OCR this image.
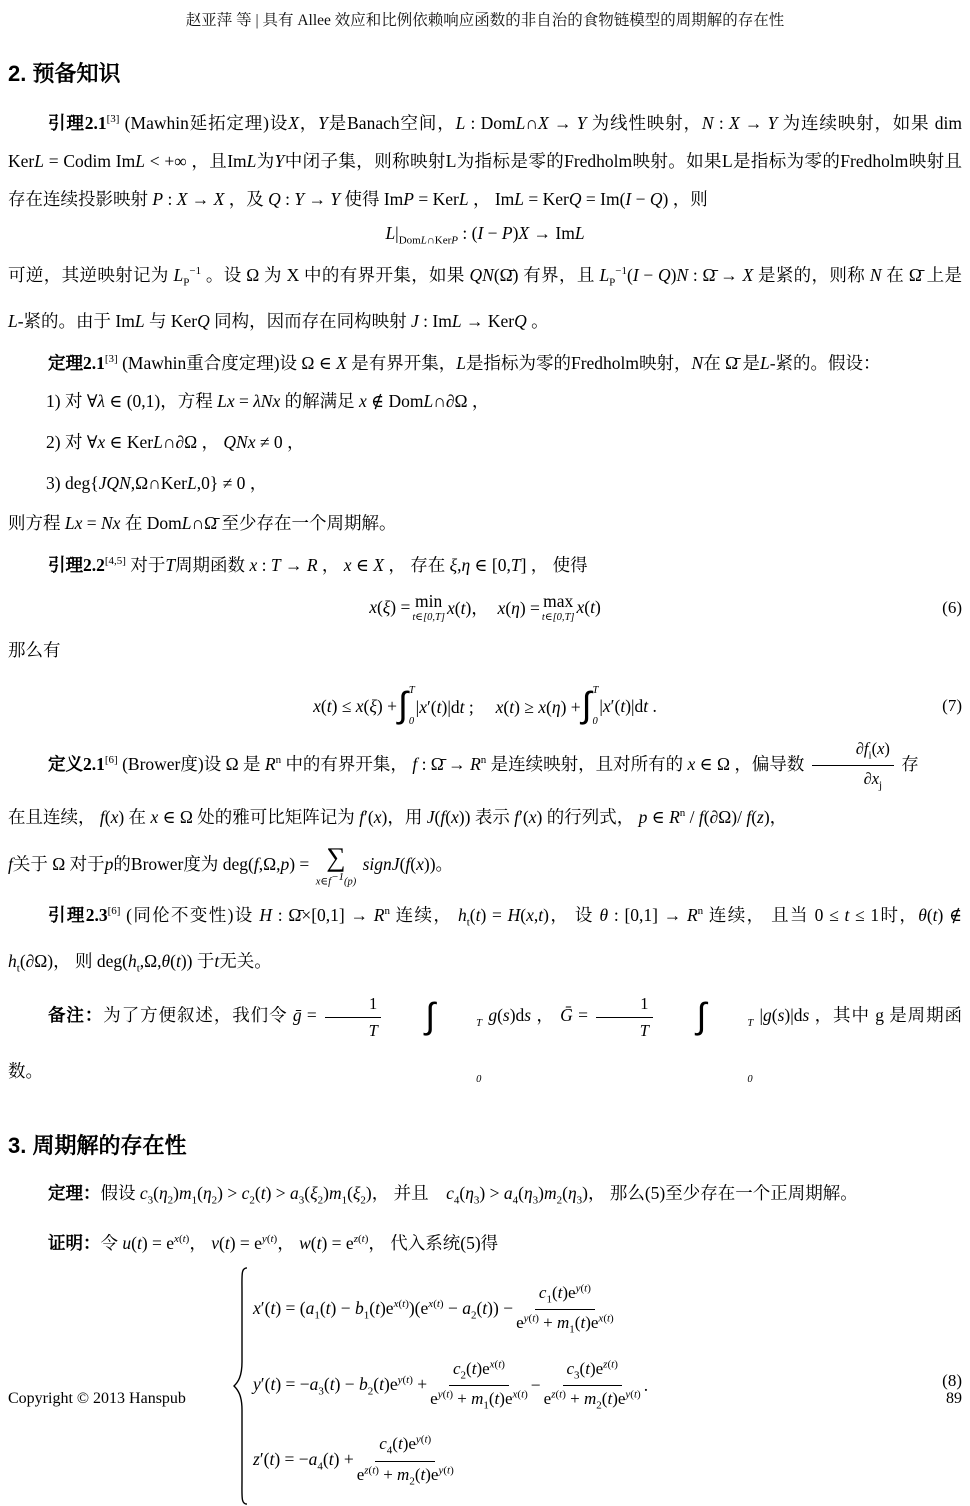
赵亚萍 等 | 具有 Allee 效应和比例依赖响应函数的非自治的食物链模型的周期解的存在性
2. 预备知识

引理2.1[3] (Mawhin延拓定理)设X，Y是Banach空间，L : DomL∩X → Y 为线性映射，N : X → Y 为连续映射，如果 dim KerL = Codim ImL < +∞ ，且ImL为Y中闭子集，则称映射L为指标是零的Fredholm映射。如果L是指标为零的Fredholm映射且存在连续投影映射 P : X → X ，及 Q : Y → Y 使得 ImP = KerL ， ImL = KerQ = Im(I − Q) ，则

$L|_{DomL\cap KerP}$ : (I − P)X → ImL

可逆，其逆映射记为 $L_P^{-1}$ 。设 Ω 为 X 中的有界开集，如果 QN(Ω̄) 有界，且 $L_P^{-1}(I - Q)N$ : Ω̄ → X 是紧的，则称 N 在 Ω̄ 上是 L-紧的。由于 ImL 与 KerQ 同构，因而存在同构映射 J : ImL → KerQ 。

定理2.1[3] (Mawhin重合度定理)设 Ω ∈ X 是有界开集，L是指标为零的Fredholm映射，N在 Ω̄ 是L-紧的。假设：

1) 对 ∀λ ∈ (0,1)，方程 Lx = λNx 的解满足 x ∉ DomL∩∂Ω ，

2) 对 ∀x ∈ KerL∩∂Ω ， QNx ≠ 0 ，

3) deg{JQN,Ω∩KerL,0} ≠ 0 ，

则方程 Lx = Nx 在 DomL∩Ω̄ 至少存在一个周期解。

引理2.2[4,5] 对于T周期函数 x : T → R ， x ∈ X ， 存在 ξ,η ∈ [0,T] ， 使得

x(ξ) = min
t∈[0,T] x(t)，　x(η) = max
t∈[0,T] x(t)	(6)

那么有

x(t) ≤ x(ξ) + ∫ T
0
|x′(t)|dt ;　 x(t) ≥ x(η) + ∫ T
0
|x′(t)|dt .	(7)

定义2.1[6] (Brower度)设 Ω 是 $R^n$ 中的有界开集， f : Ω̄ → $R^n$ 是连续映射，且对所有的 x ∈ Ω ，偏导数 $\frac{\partial f_i(x)}{\partial x_j}$ 存

在且连续， f(x) 在 x ∈ Ω 处的雅可比矩阵记为 f′(x)，用 J(f(x)) 表示 f′(x) 的行列式， p ∈ $R^n / f(\partial\Omega)/$ f(z)，

f关于 Ω 对于p的Brower度为 deg(f,Ω,p) = ∑
$x\in f^{-1}(p)$
signJ(f(x))。

引理2.3[6] (同伦不变性)设 H : Ω̄×[0,1] → $R^n$ 连续， $h_t(t) = H(x,t)$， 设 θ : $[0,1] \to R^n$ 连续， 且当 0 ≤ t ≤ 1时，θ(t) ∉ $h_t(\partial\Omega)$， 则 $deg(h_t,\Omega,\theta(t))$ 于t无关。

备注：为了方便叙述，我们令 ḡ = $\frac{1}{T}$	∫	T
0
g(s)ds ， Ḡ = $\frac{1}{T}$	∫	T
0
|g(s)|ds ，其中 g 是周期函数。

3. 周期解的存在性

定理：假设 $c_3(\eta_2)m_1(\eta_2) > c_2(t) > a_3(\xi_2)m_1(\xi_2)$， 并且　$c_4(\eta_3) > a_4(\eta_3)m_2(\eta_3)$， 那么(5)至少存在一个正周期解。

证明：令 $u(t) = e^{x(t)}$， $v(t) = e^{y(t)}$， $w(t) = e^{z(t)}$， 代入系统(5)得

$x'(t) = (a_1(t) - b_1(t)e^{x(t)})(e^{x(t)} - a_2(t)) - \frac{c_1(t)e^{y(t)}}{e^{y(t)} + m_1(t)e^{x(t)}}$
$y'(t) = -a_3(t) - b_2(t)e^{y(t)} + \frac{c_2(t)e^{x(t)}}{e^{y(t)} + m_1(t)e^{x(t)}} - \frac{c_3(t)e^{z(t)}}{e^{z(t)} + m_2(t)e^{y(t)}}$ .
$z'(t) = -a_4(t) + \frac{c_4(t)e^{y(t)}}{e^{z(t)} + m_2(t)e^{y(t)}}$
(8)
Copyright © 2013 Hanspub	89
